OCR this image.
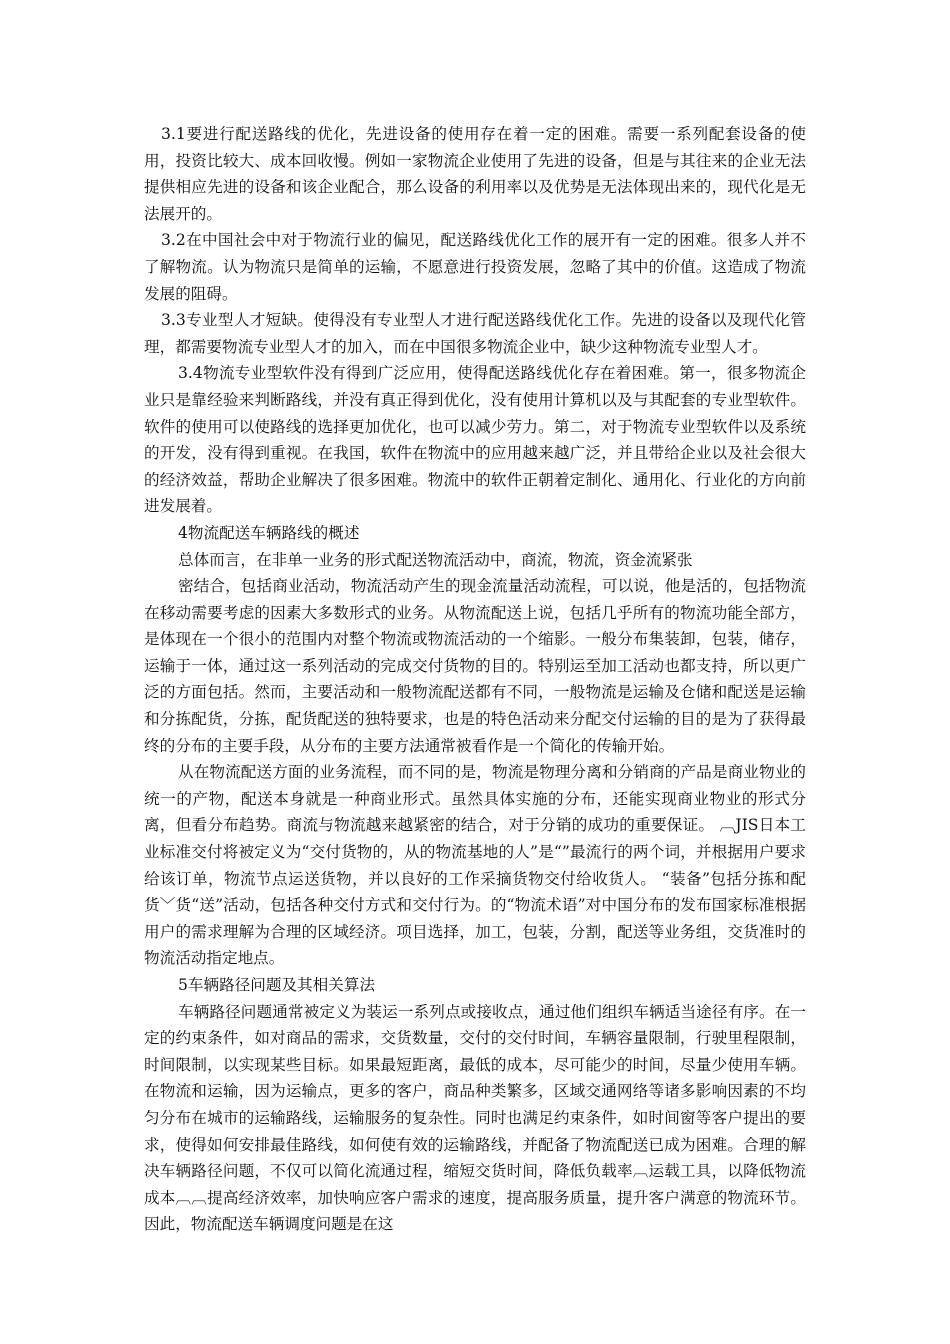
3.1要进行配送路线的优化，先进设备的使用存在着一定的困难。需要一系列配套设备的使用，投资比较大、成本回收慢。例如一家物流企业使用了先进的设备，但是与其往来的企业无法提供相应先进的设备和该企业配合，那么设备的利用率以及优势是无法体现出来的，现代化是无法展开的。

3.2在中国社会中对于物流行业的偏见，配送路线优化工作的展开有一定的困难。很多人并不了解物流。认为物流只是简单的运输，不愿意进行投资发展，忽略了其中的价值。这造成了物流发展的阻碍。

3.3专业型人才短缺。使得没有专业型人才进行配送路线优化工作。先进的设备以及现代化管理，都需要物流专业型人才的加入，而在中国很多物流企业中，缺少这种物流专业型人才。

3.4物流专业型软件没有得到广泛应用，使得配送路线优化存在着困难。第一，很多物流企业只是靠经验来判断路线，并没有真正得到优化，没有使用计算机以及与其配套的专业型软件。软件的使用可以使路线的选择更加优化，也可以减少劳力。第二，对于物流专业型软件以及系统的开发，没有得到重视。在我国，软件在物流中的应用越来越广泛，并且带给企业以及社会很大的经济效益，帮助企业解决了很多困难。物流中的软件正朝着定制化、通用化、行业化的方向前进发展着。

4物流配送车辆路线的概述

总体而言，在非单一业务的形式配送物流活动中，商流，物流，资金流紧张

密结合，包括商业活动，物流活动产生的现金流量活动流程，可以说，他是活的，包括物流在移动需要考虑的因素大多数形式的业务。从物流配送上说，包括几乎所有的物流功能全部方，是体现在一个很小的范围内对整个物流或物流活动的一个缩影。一般分布集装卸，包装，储存，运输于一体，通过这一系列活动的完成交付货物的目的。特别运至加工活动也都支持，所以更广泛的方面包括。然而，主要活动和一般物流配送都有不同，一般物流是运输及仓储和配送是运输和分拣配货，分拣，配货配送的独特要求，也是的特色活动来分配交付运输的目的是为了获得最终的分布的主要手段，从分布的主要方法通常被看作是一个简化的传输开始。

从在物流配送方面的业务流程，而不同的是，物流是物理分离和分销商的产品是商业物业的统一的产物，配送本身就是一种商业形式。虽然具体实施的分布，还能实现商业物业的形式分离，但看分布趋势。商流与物流越来越紧密的结合，对于分销的成功的重要保证。 ︹JIS日本工业标准交付将被定义为“交付货物的，从的物流基地的人”是“”最流行的两个词，并根据用户要求给该订单，物流节点运送货物，并以良好的工作采摘货物交付给收货人。 “装备”包括分拣和配货﹀货“送”活动，包括各种交付方式和交付行为。的“物流术语”对中国分布的发布国家标准根据用户的需求理解为合理的区域经济。项目选择，加工，包装，分割，配送等业务组，交货准时的物流活动指定地点。

5车辆路径问题及其相关算法

车辆路径问题通常被定义为装运一系列点或接收点，通过他们组织车辆适当途径有序。在一定的约束条件，如对商品的需求，交货数量，交付的交付时间，车辆容量限制，行驶里程限制，时间限制，以实现某些目标。如果最短距离，最低的成本，尽可能少的时间，尽量少使用车辆。在物流和运输，因为运输点，更多的客户，商品种类繁多，区域交通网络等诸多影响因素的不均匀分布在城市的运输路线，运输服务的复杂性。同时也满足约束条件，如时间窗等客户提出的要求，使得如何安排最佳路线，如何使有效的运输路线，并配备了物流配送已成为困难。合理的解决车辆路径问题，不仅可以简化流通过程，缩短交货时间，降低负载率︹运载工具，以降低物流成本︹︹提高经济效率，加快响应客户需求的速度，提高服务质量，提升客户满意的物流环节。因此，物流配送车辆调度问题是在这
